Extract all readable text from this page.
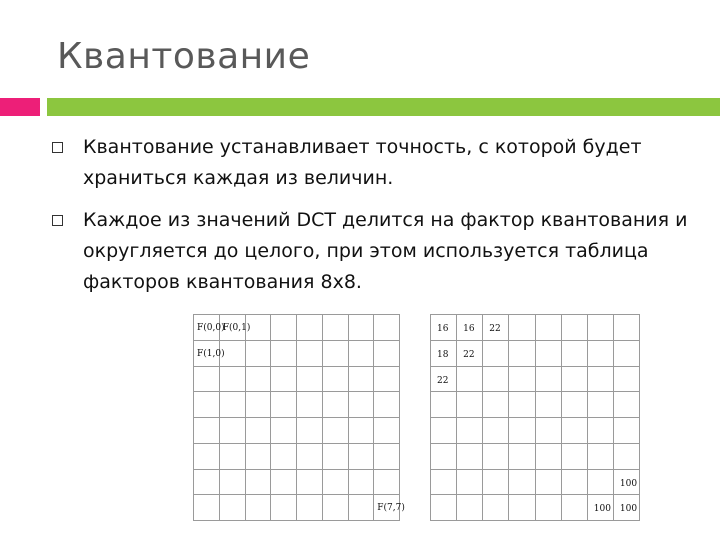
Квантование
Квантование устанавливает точность, с которой будет храниться каждая из величин.
Каждое из значений DCT делится на фактор квантования и округляется до целого, при этом используется таблица факторов квантования 8х8.
F(0,0)	F(0,1)						

F(1,0)							

							F(7,7)
16	16	22					

18	22						

22							

							100

						100	100
